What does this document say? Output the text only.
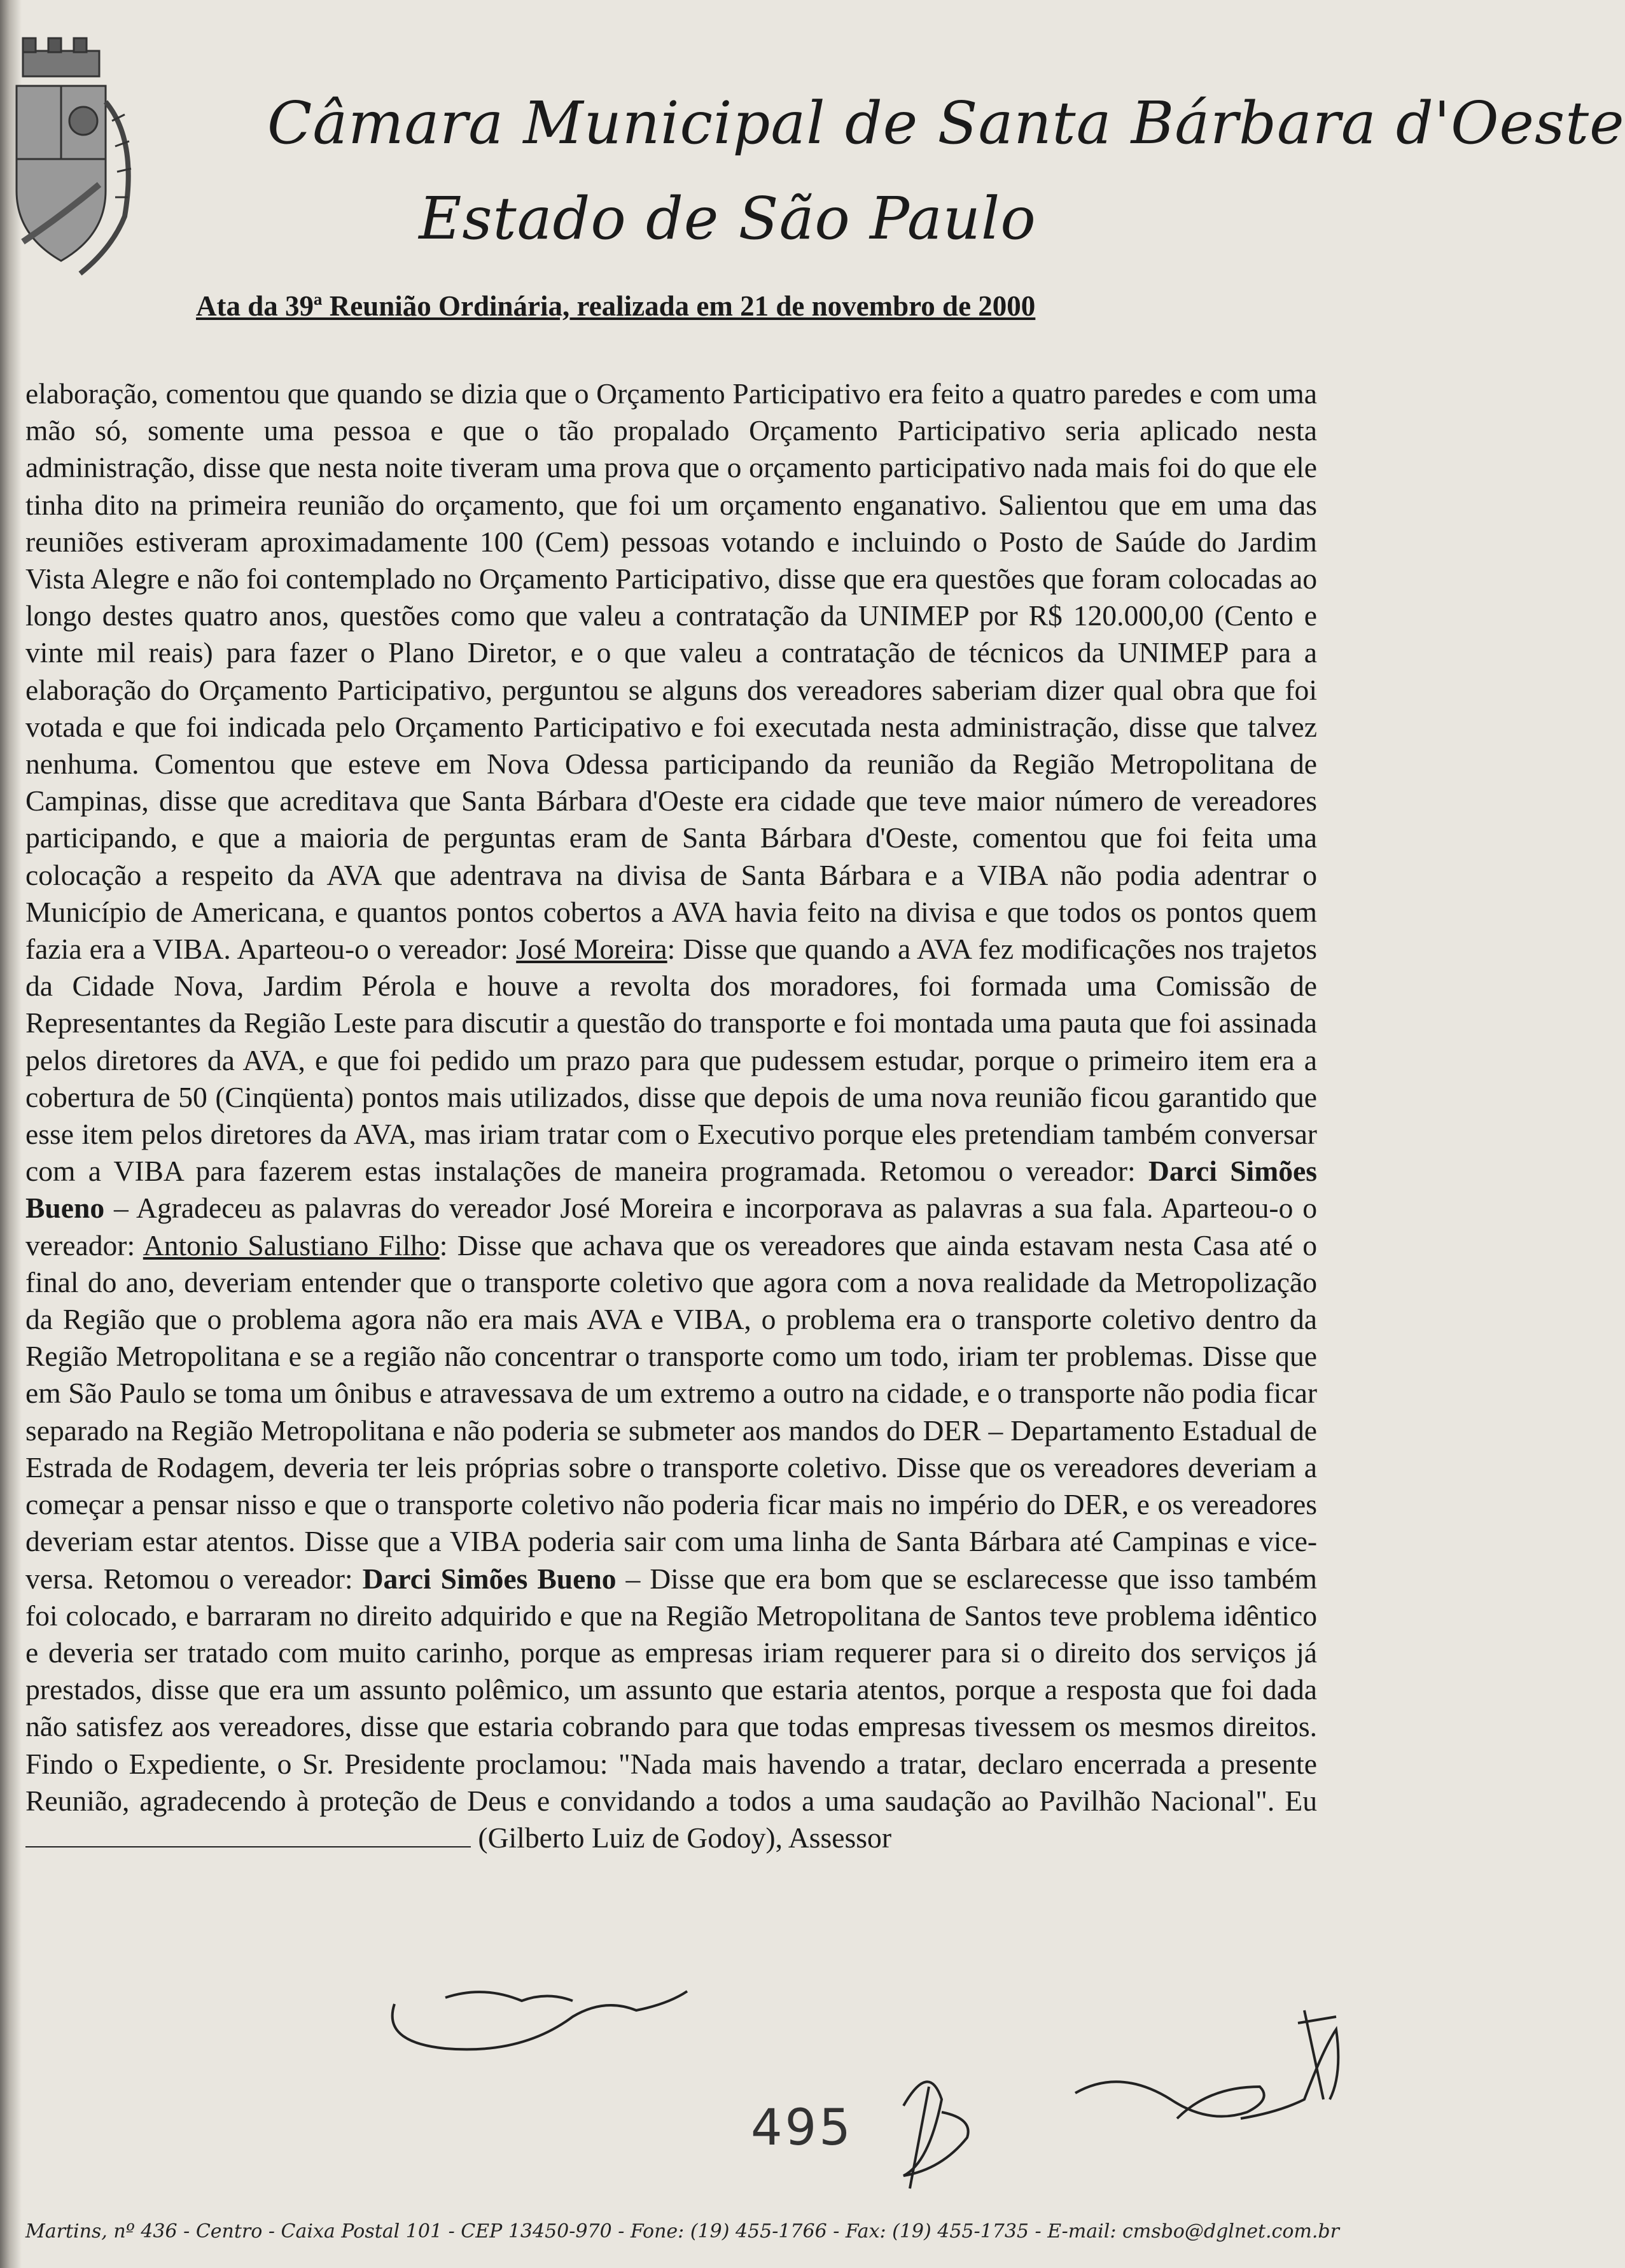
Câmara Municipal de Santa Bárbara d'Oeste
Estado de São Paulo
Ata da 39ª Reunião Ordinária, realizada em 21 de novembro de 2000

elaboração, comentou que quando se dizia que o Orçamento Participativo era feito a quatro paredes e com uma mão só, somente uma pessoa e que o tão propalado Orçamento Participativo seria aplicado nesta administração, disse que nesta noite tiveram uma prova que o orçamento participativo nada mais foi do que ele tinha dito na primeira reunião do orçamento, que foi um orçamento enganativo. Salientou que em uma das reuniões estiveram aproximadamente 100 (Cem) pessoas votando e incluindo o Posto de Saúde do Jardim Vista Alegre e não foi contemplado no Orçamento Participativo, disse que era questões que foram colocadas ao longo destes quatro anos, questões como que valeu a contratação da UNIMEP por R$ 120.000,00 (Cento e vinte mil reais) para fazer o Plano Diretor, e o que valeu a contratação de técnicos da UNIMEP para a elaboração do Orçamento Participativo, perguntou se alguns dos vereadores saberiam dizer qual obra que foi votada e que foi indicada pelo Orçamento Participativo e foi executada nesta administração, disse que talvez nenhuma. Comentou que esteve em Nova Odessa participando da reunião da Região Metropolitana de Campinas, disse que acreditava que Santa Bárbara d'Oeste era cidade que teve maior número de vereadores participando, e que a maioria de perguntas eram de Santa Bárbara d'Oeste, comentou que foi feita uma colocação a respeito da AVA que adentrava na divisa de Santa Bárbara e a VIBA não podia adentrar o Município de Americana, e quantos pontos cobertos a AVA havia feito na divisa e que todos os pontos quem fazia era a VIBA. Aparteou-o o vereador: José Moreira: Disse que quando a AVA fez modificações nos trajetos da Cidade Nova, Jardim Pérola e houve a revolta dos moradores, foi formada uma Comissão de Representantes da Região Leste para discutir a questão do transporte e foi montada uma pauta que foi assinada pelos diretores da AVA, e que foi pedido um prazo para que pudessem estudar, porque o primeiro item era a cobertura de 50 (Cinqüenta) pontos mais utilizados, disse que depois de uma nova reunião ficou garantido que esse item pelos diretores da AVA, mas iriam tratar com o Executivo porque eles pretendiam também conversar com a VIBA para fazerem estas instalações de maneira programada. Retomou o vereador: Darci Simões Bueno – Agradeceu as palavras do vereador José Moreira e incorporava as palavras a sua fala. Aparteou-o o vereador: Antonio Salustiano Filho: Disse que achava que os vereadores que ainda estavam nesta Casa até o final do ano, deveriam entender que o transporte coletivo que agora com a nova realidade da Metropolização da Região que o problema agora não era mais AVA e VIBA, o problema era o transporte coletivo dentro da Região Metropolitana e se a região não concentrar o transporte como um todo, iriam ter problemas. Disse que em São Paulo se toma um ônibus e atravessava de um extremo a outro na cidade, e o transporte não podia ficar separado na Região Metropolitana e não poderia se submeter aos mandos do DER – Departamento Estadual de Estrada de Rodagem, deveria ter leis próprias sobre o transporte coletivo. Disse que os vereadores deveriam a começar a pensar nisso e que o transporte coletivo não poderia ficar mais no império do DER, e os vereadores deveriam estar atentos. Disse que a VIBA poderia sair com uma linha de Santa Bárbara até Campinas e vice-versa. Retomou o vereador: Darci Simões Bueno – Disse que era bom que se esclarecesse que isso também foi colocado, e barraram no direito adquirido e que na Região Metropolitana de Santos teve problema idêntico e deveria ser tratado com muito carinho, porque as empresas iriam requerer para si o direito dos serviços já prestados, disse que era um assunto polêmico, um assunto que estaria atentos, porque a resposta que foi dada não satisfez aos vereadores, disse que estaria cobrando para que todas empresas tivessem os mesmos direitos. Findo o Expediente, o Sr. Presidente proclamou: "Nada mais havendo a tratar, declaro encerrada a presente Reunião, agradecendo à proteção de Deus e convidando a todos a uma saudação ao Pavilhão Nacional". Eu  (Gilberto Luiz de Godoy), Assessor

495
Martins, nº 436 - Centro - Caixa Postal 101 - CEP 13450-970 - Fone: (19) 455-1766 - Fax: (19) 455-1735 - E-mail: cmsbo@dglnet.com.br
